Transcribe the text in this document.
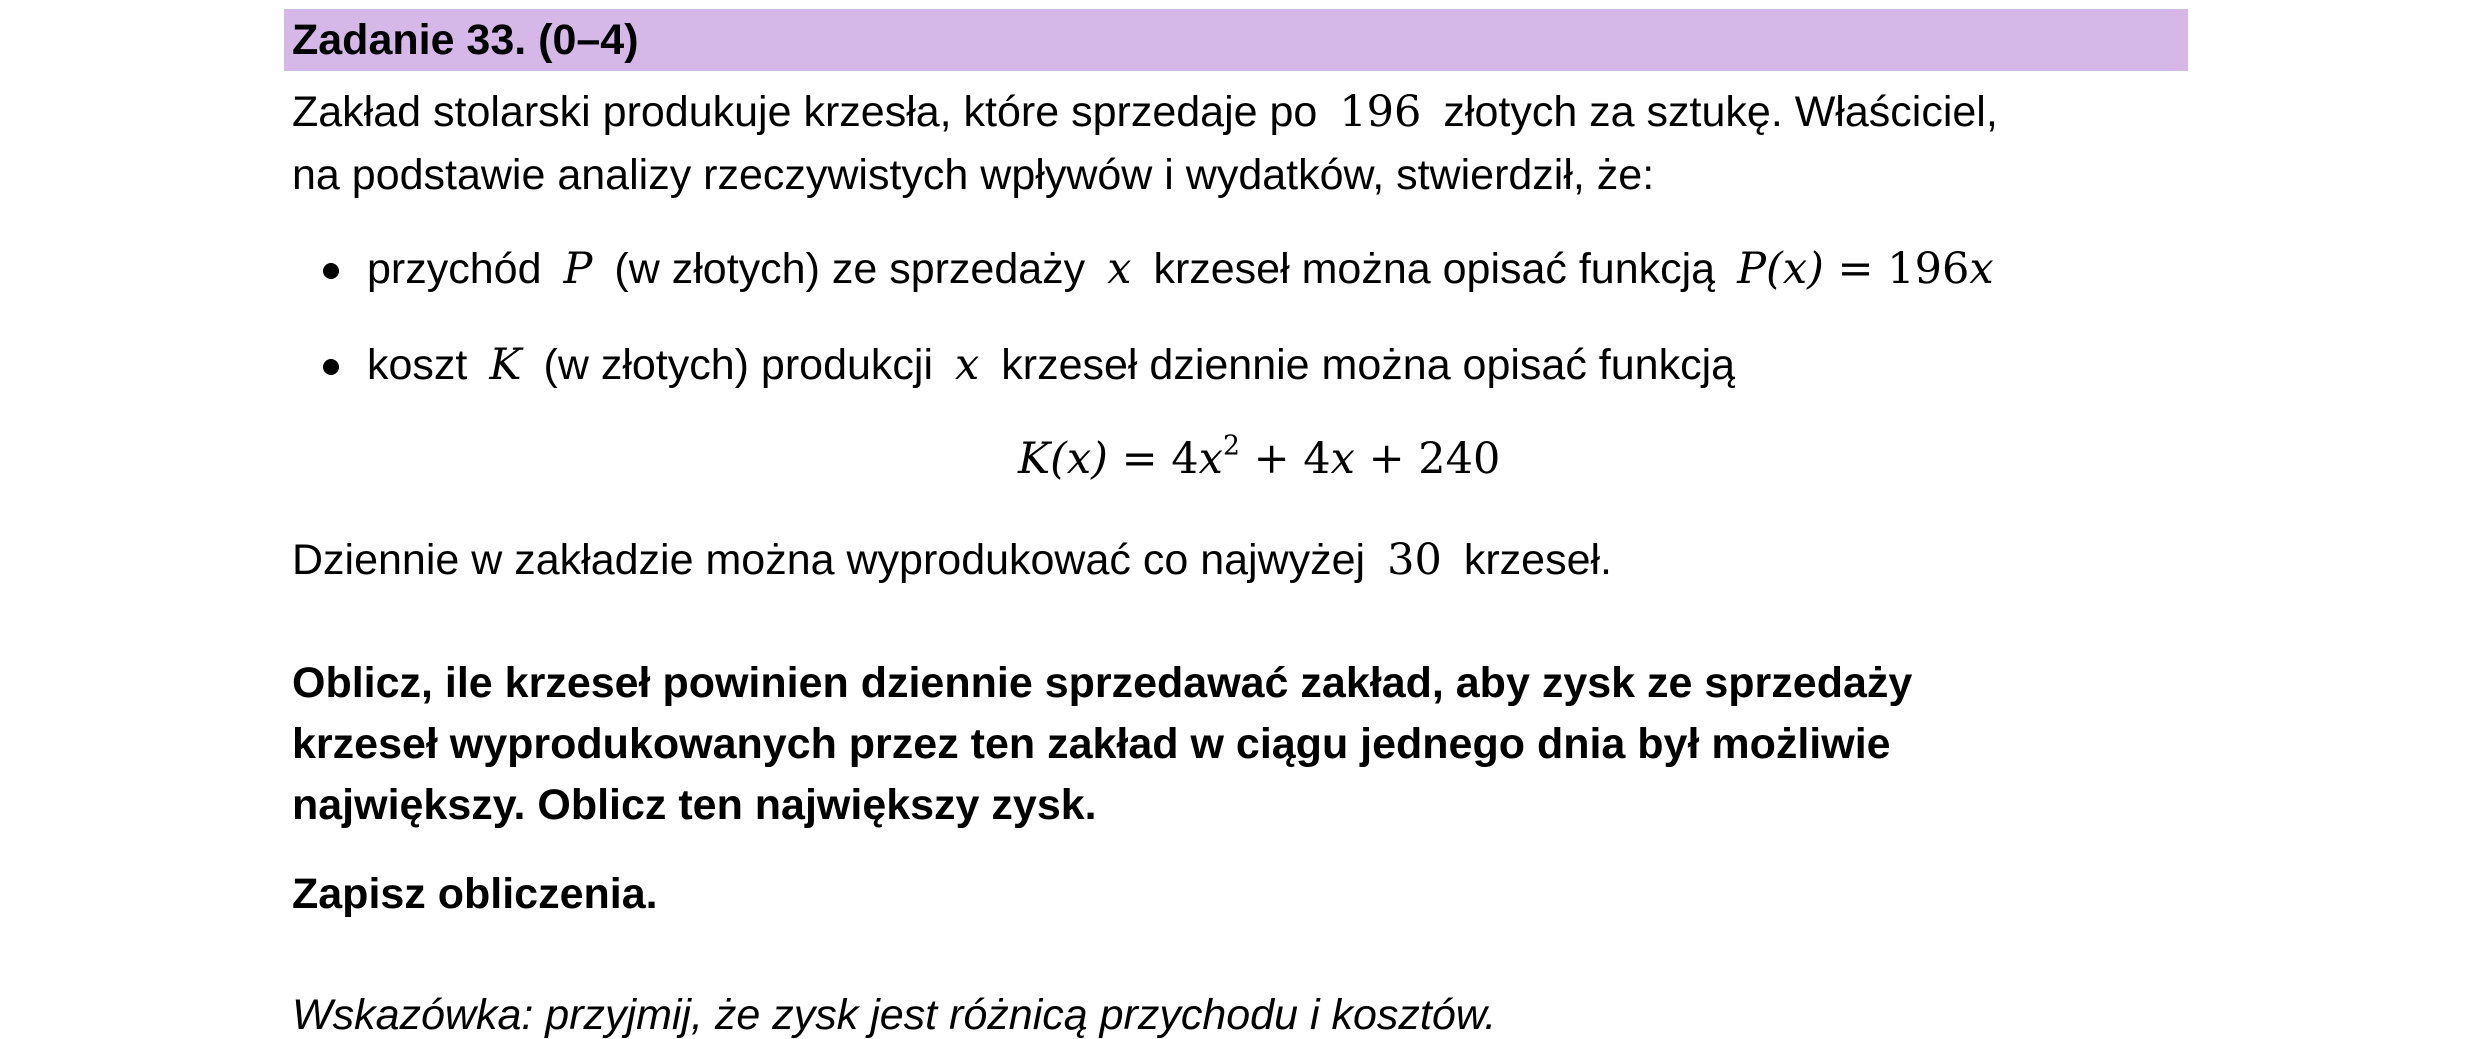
Zadanie 33. (0–4)
Zakład stolarski produkuje krzesła, które sprzedaje po 196 złotych za sztukę. Właściciel,
na podstawie analizy rzeczywistych wpływów i wydatków, stwierdził, że:
przychód P (w złotych) ze sprzedaży x krzeseł można opisać funkcją P(x) = 196x
koszt K (w złotych) produkcji x krzeseł dziennie można opisać funkcją
$K(x) = 4x^2 + 4x + 240$
Dziennie w zakładzie można wyprodukować co najwyżej 30 krzeseł.
Oblicz, ile krzeseł powinien dziennie sprzedawać zakład, aby zysk ze sprzedaży
krzeseł wyprodukowanych przez ten zakład w ciągu jednego dnia był możliwie
największy. Oblicz ten największy zysk.
Zapisz obliczenia.
Wskazówka: przyjmij, że zysk jest różnicą przychodu i kosztów.
